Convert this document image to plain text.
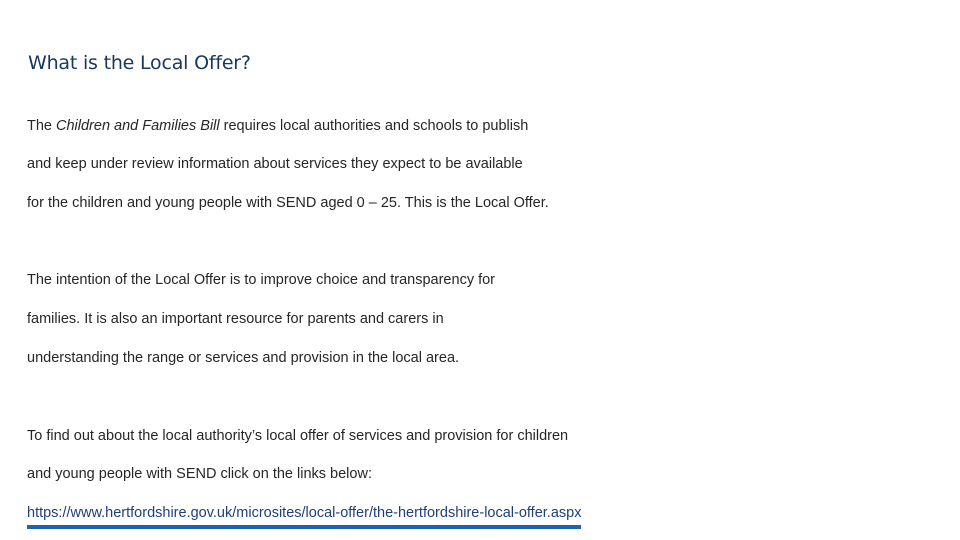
What is the Local Offer?
The Children and Families Bill requires local authorities and schools to publish
and keep under review information about services they expect to be available
for the children and young people with SEND aged 0 – 25. This is the Local Offer.
The intention of the Local Offer is to improve choice and transparency for
families. It is also an important resource for parents and carers in
understanding the range or services and provision in the local area.
To find out about the local authority’s local offer of services and provision for children
and young people with SEND click on the links below:
https://www.hertfordshire.gov.uk/microsites/local-offer/the-hertfordshire-local-offer.aspx
